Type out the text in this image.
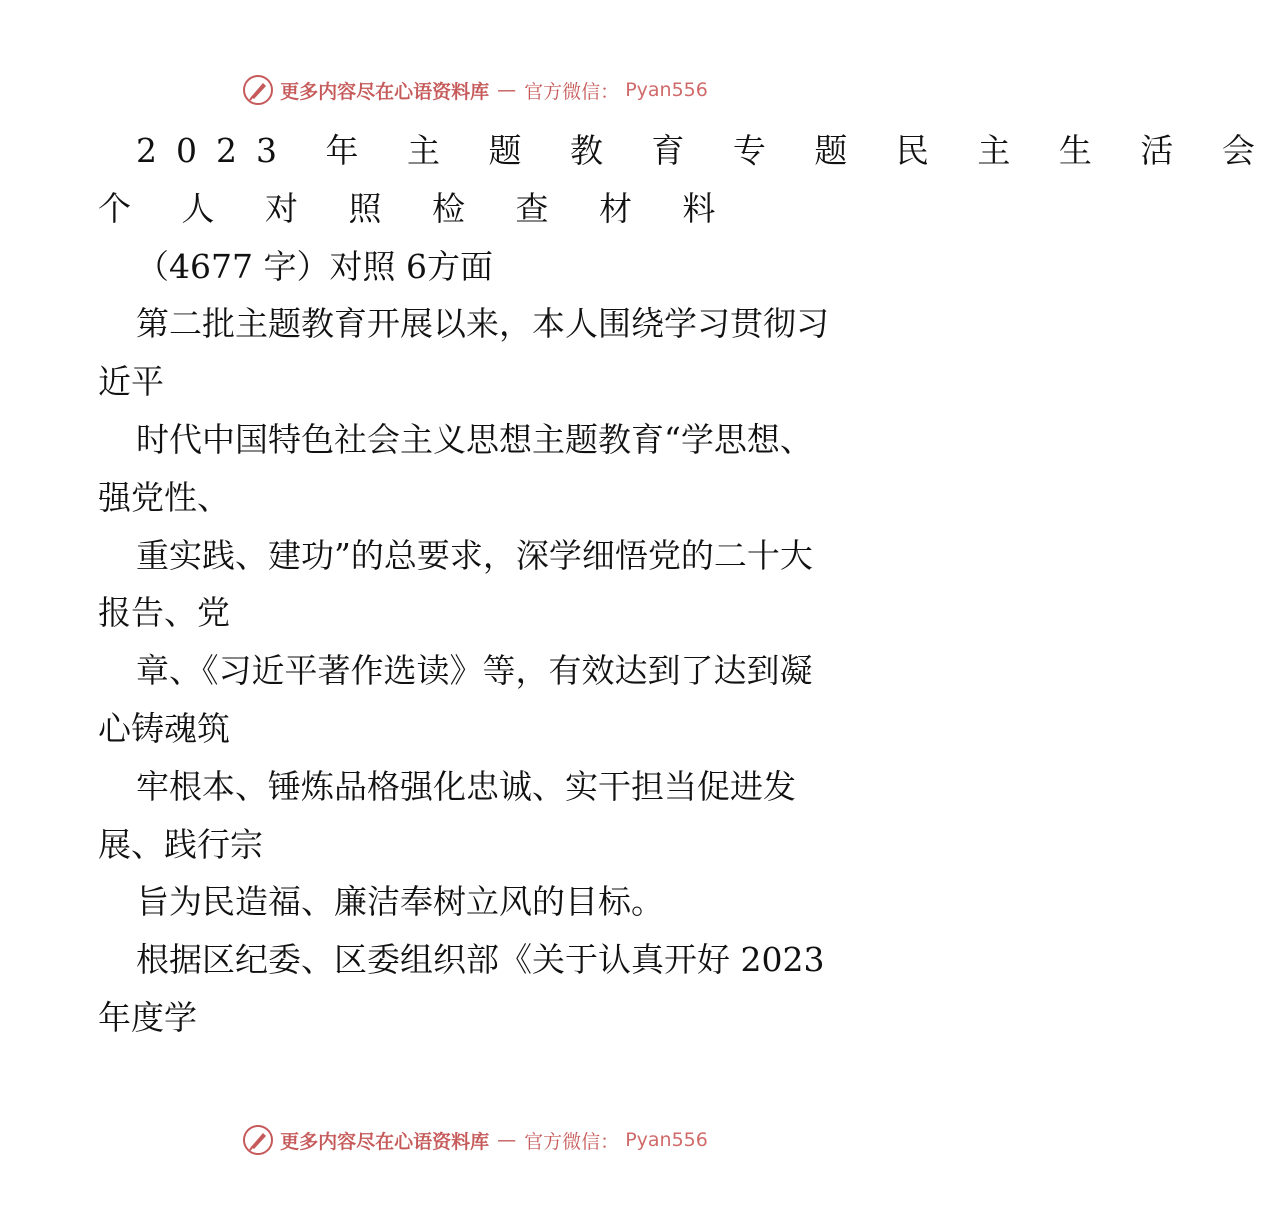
更多内容尽在心语资料库 — 官方微信： Pyan556
2023 年 主 题 教 育 专 题 民 主 生 活 会
个 人 对 照 检 查 材 料
（4677 字）对照 6方面
第二批主题教育开展以来，本人围绕学习贯彻习
近平
时代中国特色社会主义思想主题教育“学思想、
强党性、
重实践、建功”的总要求，深学细悟党的二十大
报告、党
章、《习近平著作选读》等，有效达到了达到凝
心铸魂筑
牢根本、锤炼品格强化忠诚、实干担当促进发
展、践行宗
旨为民造福、廉洁奉树立风的目标。
根据区纪委、区委组织部《关于认真开好 2023
年度学
更多内容尽在心语资料库 — 官方微信： Pyan556
